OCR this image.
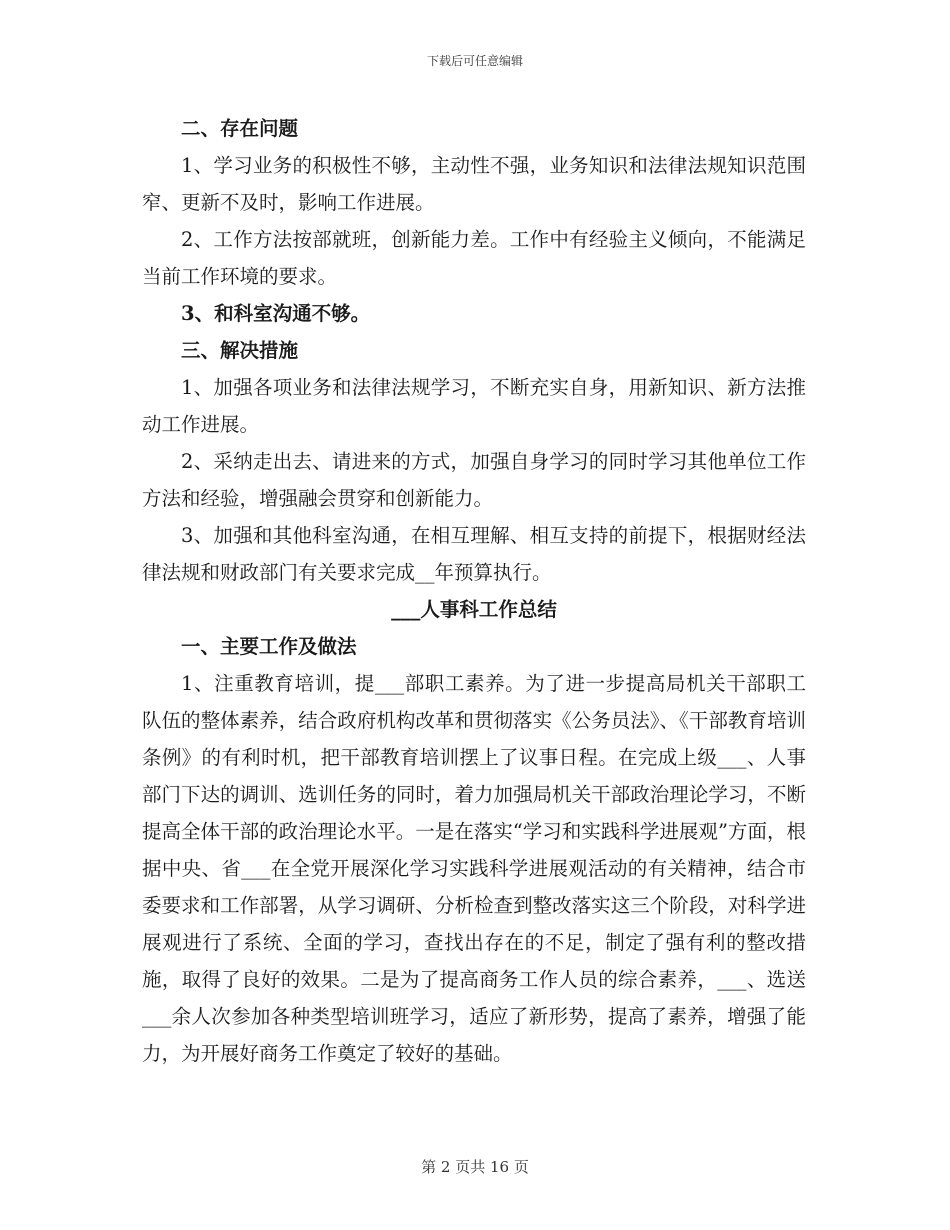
下载后可任意编辑

二、存在问题

1、学习业务的积极性不够，主动性不强，业务知识和法律法规知识范围窄、更新不及时，影响工作进展。

2、工作方法按部就班，创新能力差。工作中有经验主义倾向，不能满足当前工作环境的要求。

3、和科室沟通不够。

三、解决措施

1、加强各项业务和法律法规学习，不断充实自身，用新知识、新方法推动工作进展。

2、采纳走出去、请进来的方式，加强自身学习的同时学习其他单位工作方法和经验，增强融会贯穿和创新能力。

3、加强和其他科室沟通，在相互理解、相互支持的前提下，根据财经法律法规和财政部门有关要求完成__年预算执行。

___人事科工作总结

一、主要工作及做法

1、注重教育培训，提___部职工素养。为了进一步提高局机关干部职工队伍的整体素养，结合政府机构改革和贯彻落实《公务员法》、《干部教育培训条例》的有利时机，把干部教育培训摆上了议事日程。在完成上级___、人事部门下达的调训、选训任务的同时，着力加强局机关干部政治理论学习，不断提高全体干部的政治理论水平。一是在落实“学习和实践科学进展观”方面，根据中央、省___在全党开展深化学习实践科学进展观活动的有关精神，结合市委要求和工作部署，从学习调研、分析检查到整改落实这三个阶段，对科学进展观进行了系统、全面的学习，查找出存在的不足，制定了强有利的整改措施，取得了良好的效果。二是为了提高商务工作人员的综合素养，___、选送___余人次参加各种类型培训班学习，适应了新形势，提高了素养，增强了能力，为开展好商务工作奠定了较好的基础。

第 2 页共 16 页
